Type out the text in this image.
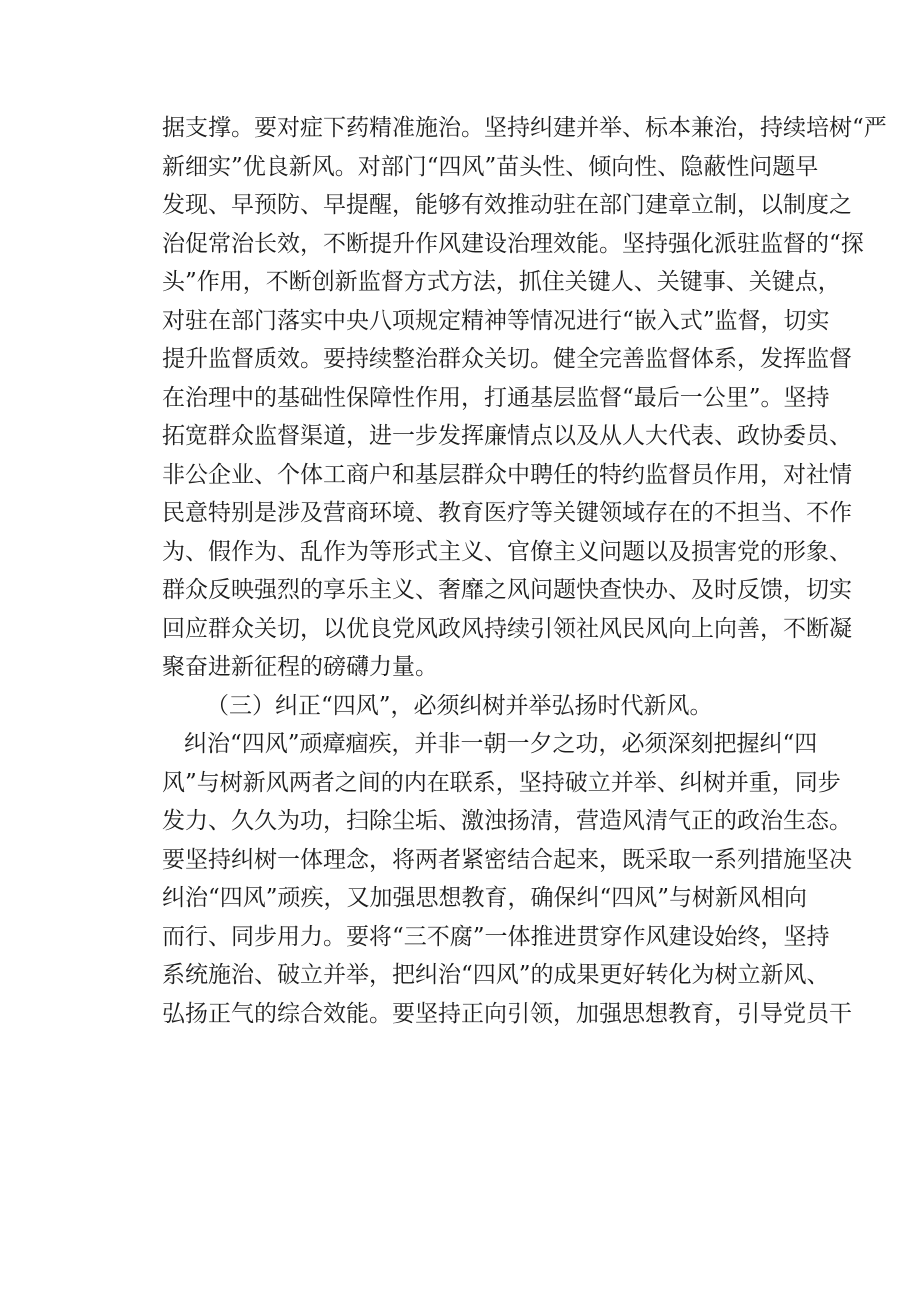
据支撑。要对症下药精准施治。坚持纠建并举、标本兼治，持续培树“严
新细实”优良新风。对部门“四风”苗头性、倾向性、隐蔽性问题早
发现、早预防、早提醒，能够有效推动驻在部门建章立制，以制度之
治促常治长效，不断提升作风建设治理效能。坚持强化派驻监督的“探
头”作用，不断创新监督方式方法，抓住关键人、关键事、关键点，
对驻在部门落实中央八项规定精神等情况进行“嵌入式”监督，切实
提升监督质效。要持续整治群众关切。健全完善监督体系，发挥监督
在治理中的基础性保障性作用，打通基层监督“最后一公里”。坚持
拓宽群众监督渠道，进一步发挥廉情点以及从人大代表、政协委员、
非公企业、个体工商户和基层群众中聘任的特约监督员作用，对社情
民意特别是涉及营商环境、教育医疗等关键领域存在的不担当、不作
为、假作为、乱作为等形式主义、官僚主义问题以及损害党的形象、
群众反映强烈的享乐主义、奢靡之风问题快查快办、及时反馈，切实
回应群众关切，以优良党风政风持续引领社风民风向上向善，不断凝
聚奋进新征程的磅礴力量。
（三）纠正“四风”，必须纠树并举弘扬时代新风。
纠治“四风”顽瘴痼疾，并非一朝一夕之功，必须深刻把握纠“四
风”与树新风两者之间的内在联系，坚持破立并举、纠树并重，同步
发力、久久为功，扫除尘垢、激浊扬清，营造风清气正的政治生态。
要坚持纠树一体理念，将两者紧密结合起来，既采取一系列措施坚决
纠治“四风”顽疾，又加强思想教育，确保纠“四风”与树新风相向
而行、同步用力。要将“三不腐”一体推进贯穿作风建设始终，坚持
系统施治、破立并举，把纠治“四风”的成果更好转化为树立新风、
弘扬正气的综合效能。要坚持正向引领，加强思想教育，引导党员干
